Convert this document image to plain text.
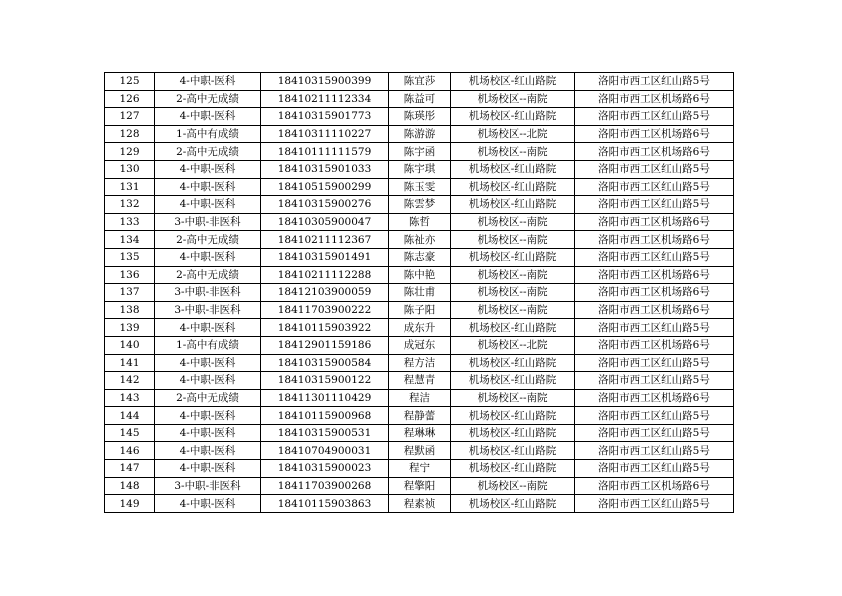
125	4-中职-医科	18410315900399	陈宜莎	机场校区-红山路院	洛阳市西工区红山路5号
126	2-高中无成绩	18410211112334	陈益可	机场校区--南院	洛阳市西工区机场路6号
127	4-中职-医科	18410315901773	陈瑛彤	机场校区-红山路院	洛阳市西工区红山路5号
128	1-高中有成绩	18410311110227	陈游游	机场校区--北院	洛阳市西工区机场路6号
129	2-高中无成绩	18410111111579	陈宇函	机场校区--南院	洛阳市西工区机场路6号
130	4-中职-医科	18410315901033	陈宇琪	机场校区-红山路院	洛阳市西工区红山路5号
131	4-中职-医科	18410515900299	陈玉雯	机场校区-红山路院	洛阳市西工区红山路5号
132	4-中职-医科	18410315900276	陈雲梦	机场校区-红山路院	洛阳市西工区红山路5号
133	3-中职-非医科	18410305900047	陈哲	机场校区--南院	洛阳市西工区机场路6号
134	2-高中无成绩	18410211112367	陈祉亦	机场校区--南院	洛阳市西工区机场路6号
135	4-中职-医科	18410315901491	陈志豪	机场校区-红山路院	洛阳市西工区红山路5号
136	2-高中无成绩	18410211112288	陈中艳	机场校区--南院	洛阳市西工区机场路6号
137	3-中职-非医科	18412103900059	陈壮甫	机场校区--南院	洛阳市西工区机场路6号
138	3-中职-非医科	18411703900222	陈子阳	机场校区--南院	洛阳市西工区机场路6号
139	4-中职-医科	18410115903922	成东升	机场校区-红山路院	洛阳市西工区红山路5号
140	1-高中有成绩	18412901159186	成冠东	机场校区--北院	洛阳市西工区机场路6号
141	4-中职-医科	18410315900584	程方洁	机场校区-红山路院	洛阳市西工区红山路5号
142	4-中职-医科	18410315900122	程慧青	机场校区-红山路院	洛阳市西工区红山路5号
143	2-高中无成绩	18411301110429	程洁	机场校区--南院	洛阳市西工区机场路6号
144	4-中职-医科	18410115900968	程静蕾	机场校区-红山路院	洛阳市西工区红山路5号
145	4-中职-医科	18410315900531	程琳琳	机场校区-红山路院	洛阳市西工区红山路5号
146	4-中职-医科	18410704900031	程默函	机场校区-红山路院	洛阳市西工区红山路5号
147	4-中职-医科	18410315900023	程宁	机场校区-红山路院	洛阳市西工区红山路5号
148	3-中职-非医科	18411703900268	程擎阳	机场校区--南院	洛阳市西工区机场路6号
149	4-中职-医科	18410115903863	程素祯	机场校区-红山路院	洛阳市西工区红山路5号
